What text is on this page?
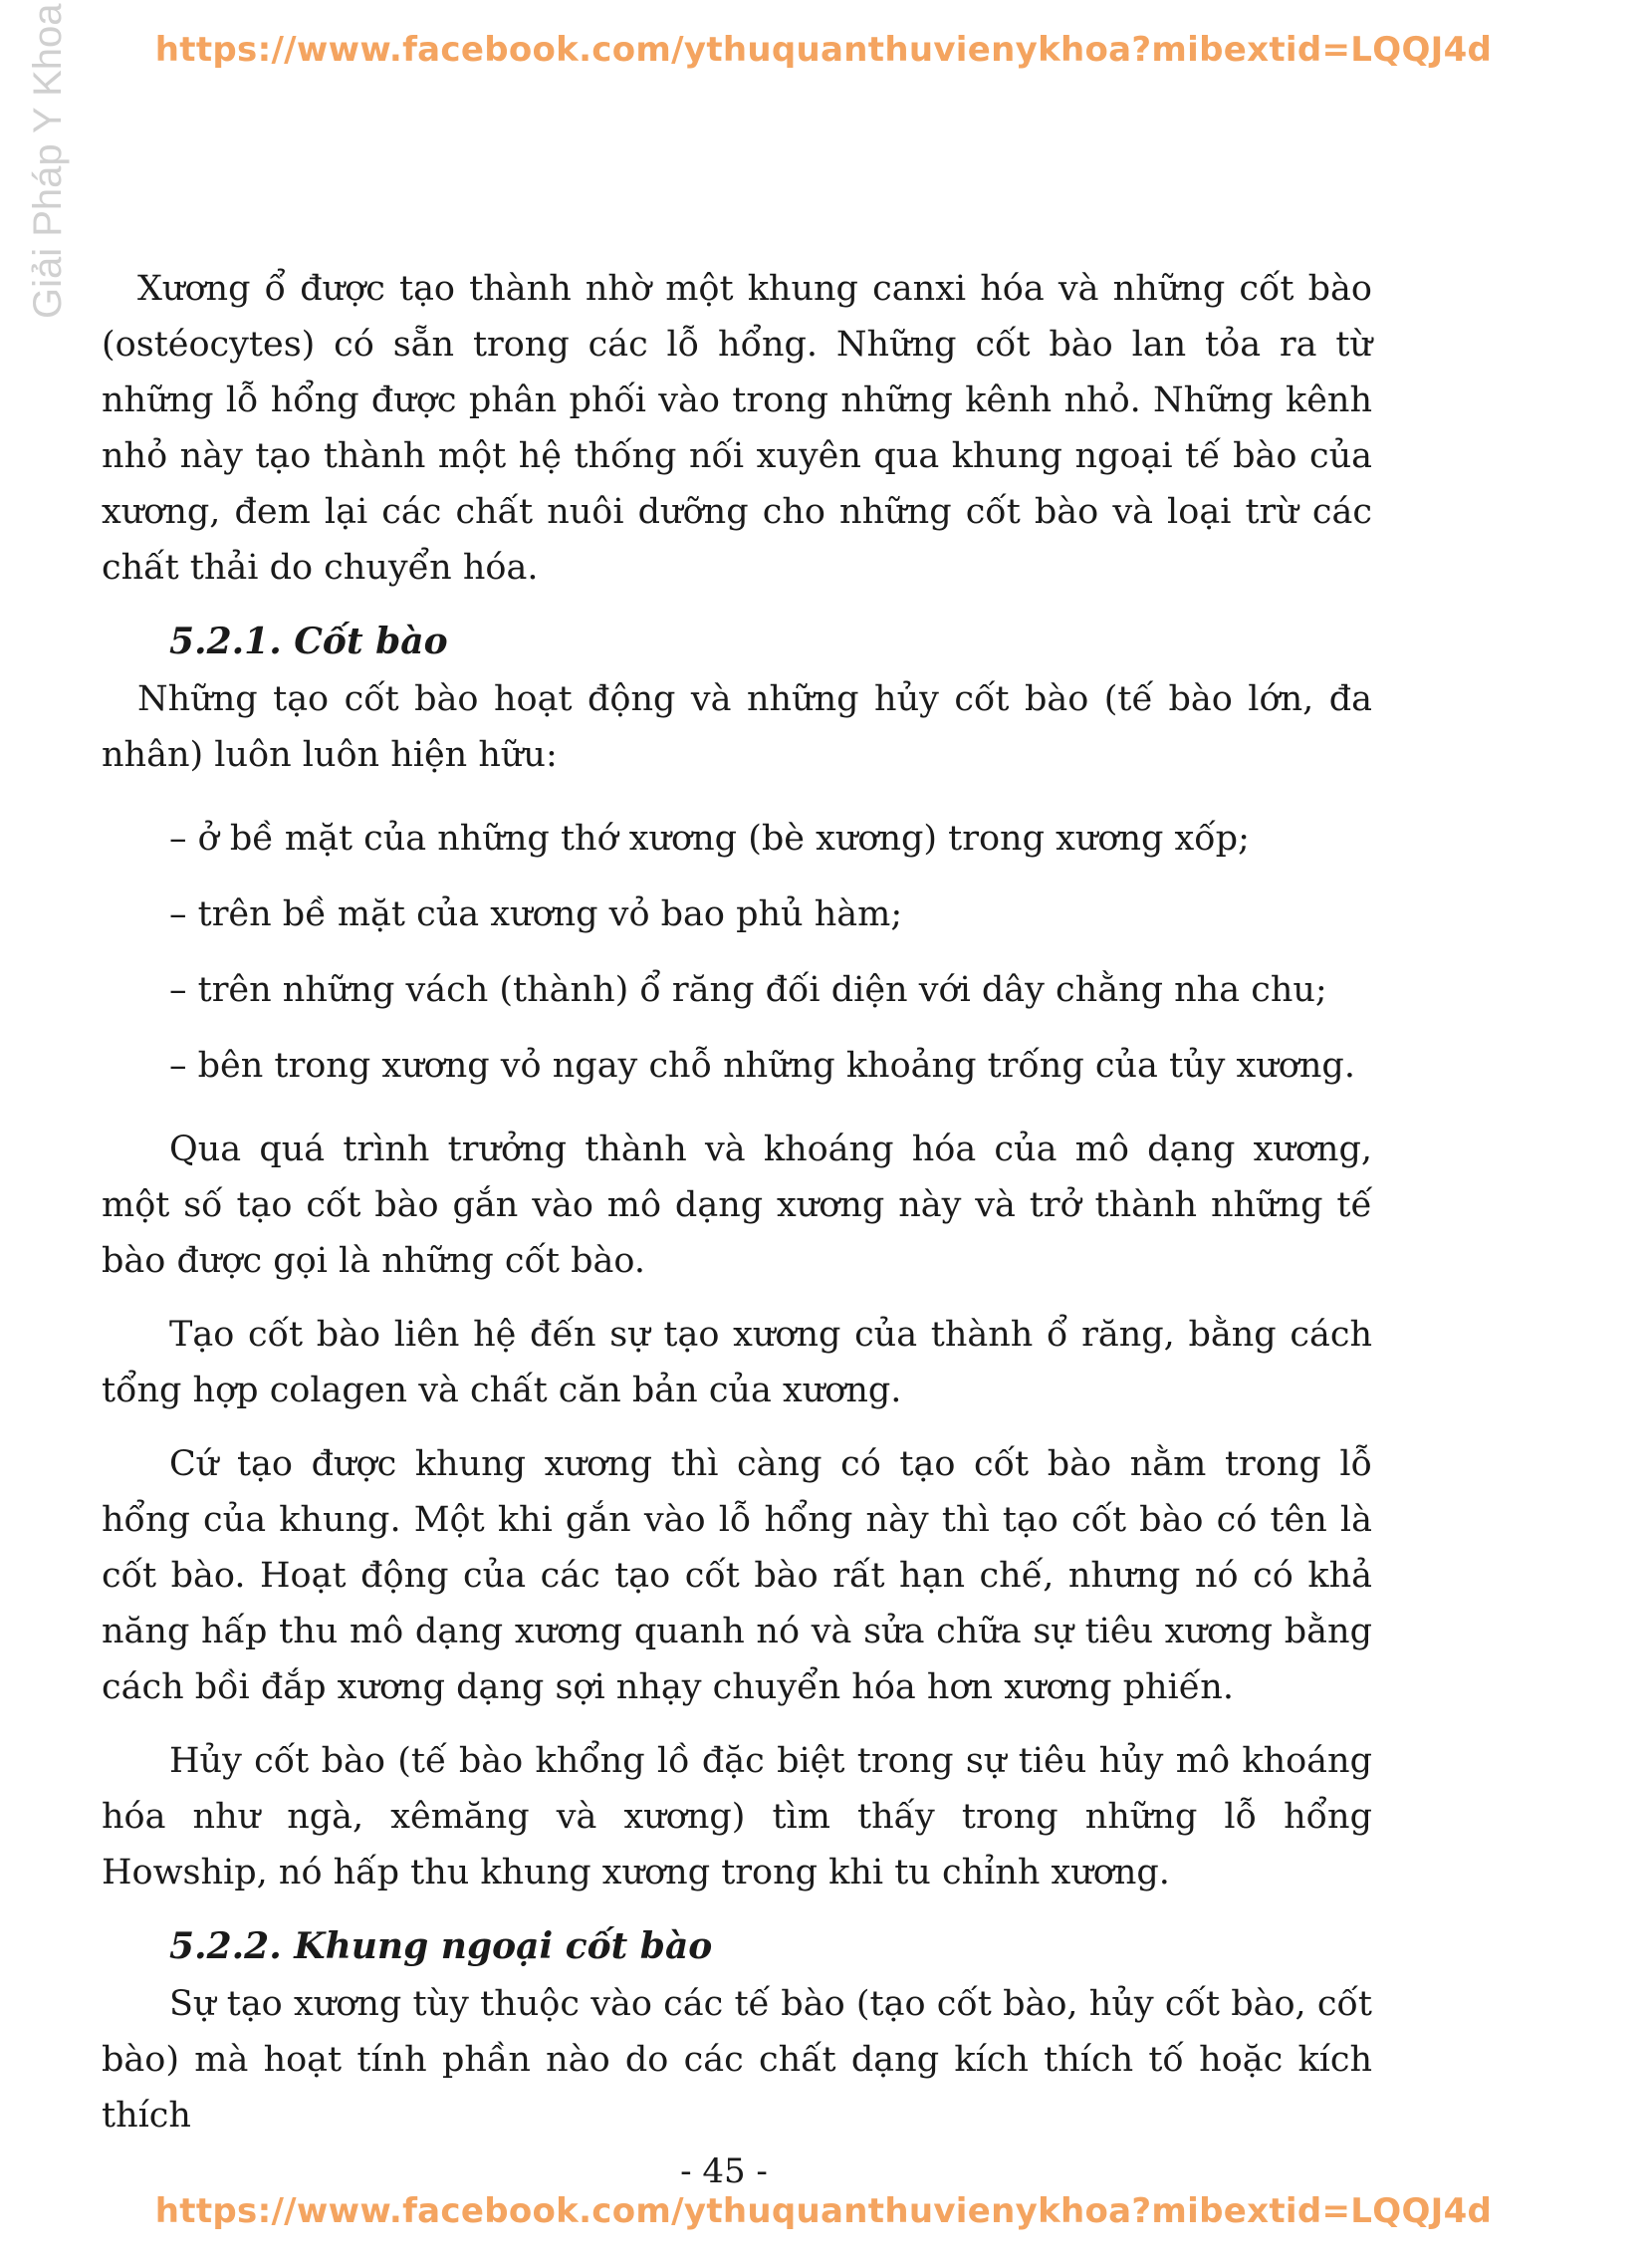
https://www.facebook.com/ythuquanthuvienykhoa?mibextid=LQQJ4d
Giải Pháp Y Khoa	Xương ổ được tạo thành nhờ một khung canxi hóa và những cốt bào (ostéocytes) có sẵn trong các lỗ hổng. Những cốt bào lan tỏa ra từ những lỗ hổng được phân phối vào trong những kênh nhỏ. Những kênh nhỏ này tạo thành một hệ thống nối xuyên qua khung ngoại tế bào của xương, đem lại các chất nuôi dưỡng cho những cốt bào và loại trừ các chất thải do chuyển hóa.

5.2.1. Cốt bào

Những tạo cốt bào hoạt động và những hủy cốt bào (tế bào lớn, đa nhân) luôn luôn hiện hữu:

– ở bề mặt của những thớ xương (bè xương) trong xương xốp;
– trên bề mặt của xương vỏ bao phủ hàm;
– trên những vách (thành) ổ răng đối diện với dây chằng nha chu;
– bên trong xương vỏ ngay chỗ những khoảng trống của tủy xương.

Qua quá trình trưởng thành và khoáng hóa của mô dạng xương, một số tạo cốt bào gắn vào mô dạng xương này và trở thành những tế bào được gọi là những cốt bào.

Tạo cốt bào liên hệ đến sự tạo xương của thành ổ răng, bằng cách tổng hợp colagen và chất căn bản của xương.

Cứ tạo được khung xương thì càng có tạo cốt bào nằm trong lỗ hổng của khung. Một khi gắn vào lỗ hổng này thì tạo cốt bào có tên là cốt bào. Hoạt động của các tạo cốt bào rất hạn chế, nhưng nó có khả năng hấp thu mô dạng xương quanh nó và sửa chữa sự tiêu xương bằng cách bồi đắp xương dạng sợi nhạy chuyển hóa hơn xương phiến.

Hủy cốt bào (tế bào khổng lồ đặc biệt trong sự tiêu hủy mô khoáng hóa như ngà, xêmăng và xương) tìm thấy trong những lỗ hổng Howship, nó hấp thu khung xương trong khi tu chỉnh xương.

5.2.2. Khung ngoại cốt bào

Sự tạo xương tùy thuộc vào các tế bào (tạo cốt bào, hủy cốt bào, cốt bào) mà hoạt tính phần nào do các chất dạng kích thích tố hoặc kích thích

- 45 -
https://www.facebook.com/ythuquanthuvienykhoa?mibextid=LQQJ4d
